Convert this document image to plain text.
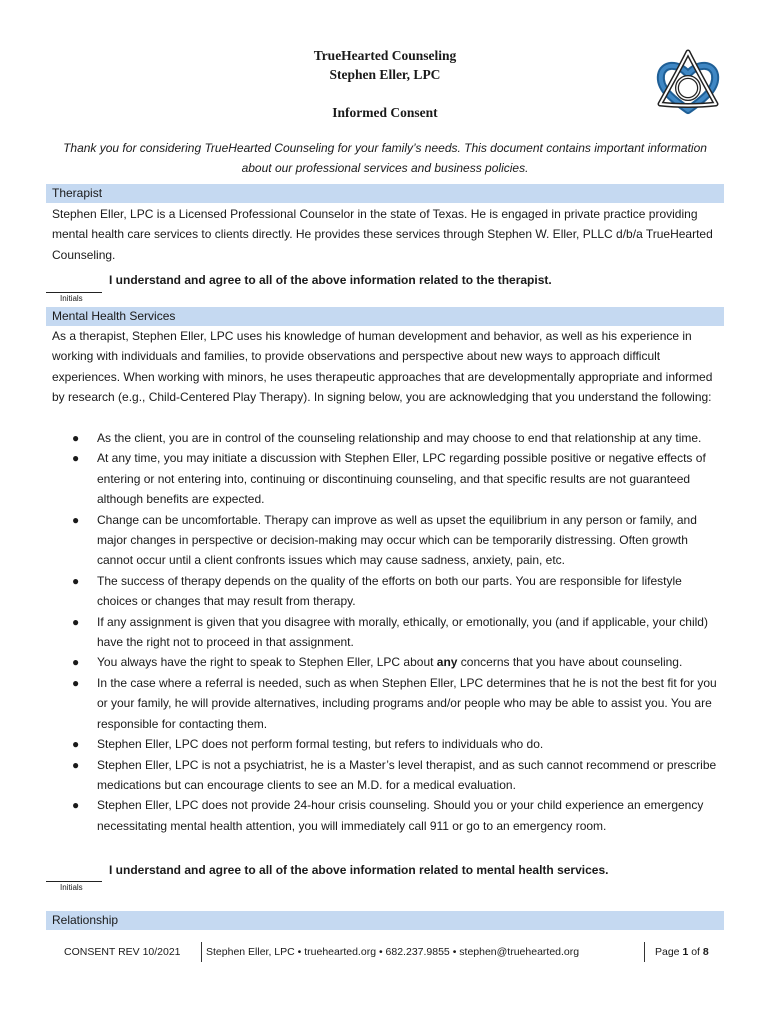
TrueHearted Counseling
Stephen Eller, LPC
Informed Consent
Thank you for considering TrueHearted Counseling for your family’s needs. This document contains important information about our professional services and business policies.
Therapist
Stephen Eller, LPC is a Licensed Professional Counselor in the state of Texas. He is engaged in private practice providing mental health care services to clients directly. He provides these services through Stephen W. Eller, PLLC d/b/a TrueHearted Counseling.
Initials
I understand and agree to all of the above information related to the therapist.
Mental Health Services
As a therapist, Stephen Eller, LPC uses his knowledge of human development and behavior, as well as his experience in working with individuals and families, to provide observations and perspective about new ways to approach difficult experiences. When working with minors, he uses therapeutic approaches that are developmentally appropriate and informed by research (e.g., Child-Centered Play Therapy). In signing below, you are acknowledging that you understand the following:
● As the client, you are in control of the counseling relationship and may choose to end that relationship at any time.
● At any time, you may initiate a discussion with Stephen Eller, LPC regarding possible positive or negative effects of entering or not entering into, continuing or discontinuing counseling, and that specific results are not guaranteed although benefits are expected.
● Change can be uncomfortable. Therapy can improve as well as upset the equilibrium in any person or family, and major changes in perspective or decision-making may occur which can be temporarily distressing. Often growth cannot occur until a client confronts issues which may cause sadness, anxiety, pain, etc.
● The success of therapy depends on the quality of the efforts on both our parts. You are responsible for lifestyle choices or changes that may result from therapy.
● If any assignment is given that you disagree with morally, ethically, or emotionally, you (and if applicable, your child) have the right not to proceed in that assignment.
● You always have the right to speak to Stephen Eller, LPC about any concerns that you have about counseling.
● In the case where a referral is needed, such as when Stephen Eller, LPC determines that he is not the best fit for you or your family, he will provide alternatives, including programs and/or people who may be able to assist you. You are responsible for contacting them.
● Stephen Eller, LPC does not perform formal testing, but refers to individuals who do.
● Stephen Eller, LPC is not a psychiatrist, he is a Master’s level therapist, and as such cannot recommend or prescribe medications but can encourage clients to see an M.D. for a medical evaluation.
● Stephen Eller, LPC does not provide 24-hour crisis counseling. Should you or your child experience an emergency necessitating mental health attention, you will immediately call 911 or go to an emergency room.
Initials
I understand and agree to all of the above information related to mental health services.
Relationship
CONSENT REV 10/2021 Stephen Eller, LPC • truehearted.org • 682.237.9855 • stephen@truehearted.org	Page 1 of 8
